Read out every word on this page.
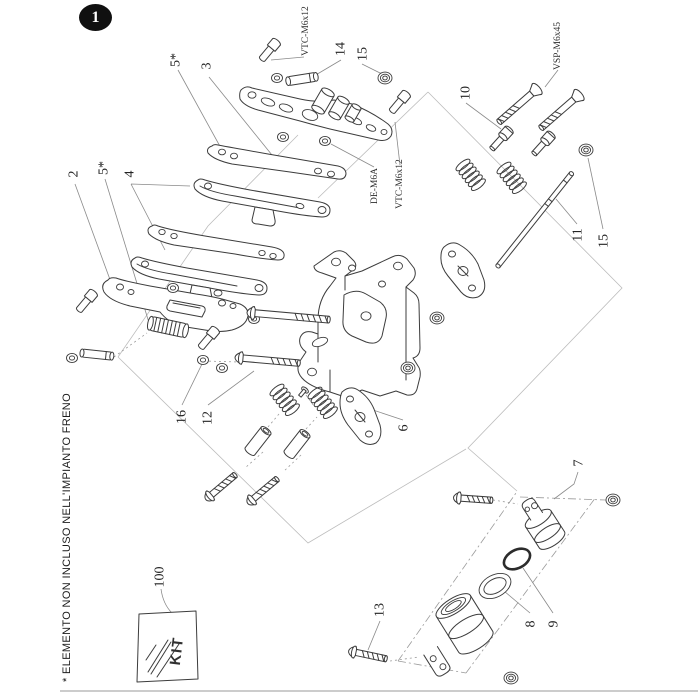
1
* ELEMENTO NON INCLUSO NELL'IMPIANTO FRENO
5* 3
14 15
10
11 15
2 5* 4
16 12
6
7
13
8 9
100
VTC-M6x12	VSP-M6x45
DE-M6A VTC-M6x12
KIT
